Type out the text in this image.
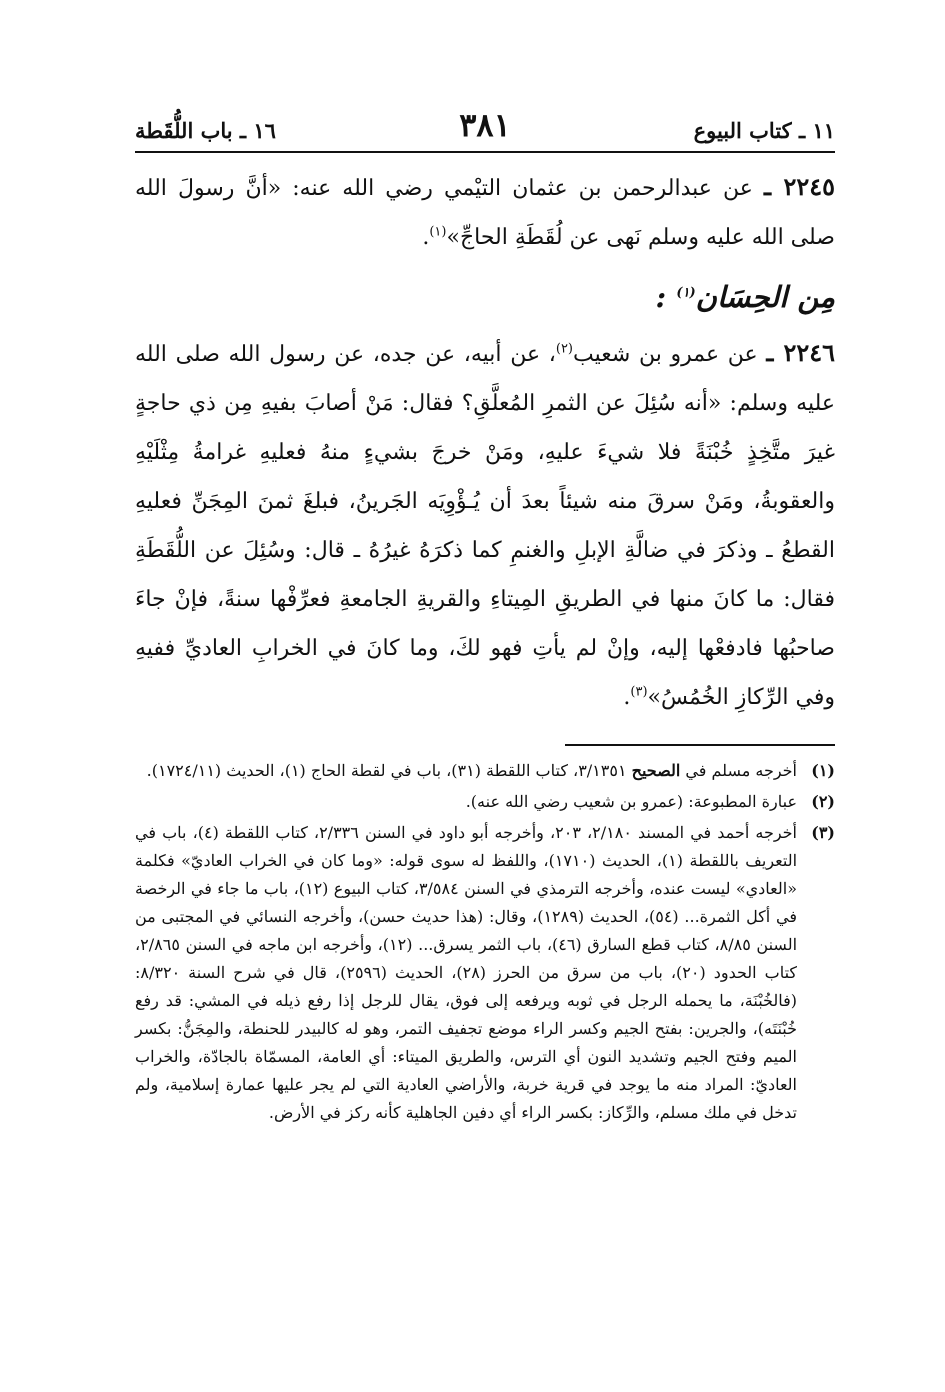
١١ ـ كتاب البيوع
٣٨١
١٦ ـ باب اللُّقَطة

٢٢٤٥ ـ عن عبدالرحمن بن عثمان التيْمي رضي الله عنه: «أنَّ رسولَ الله صلى الله عليه وسلم نَهى عن لُقَطَةِ الحاجِّ»$^{(١)}$.

مِن الحِسَان$^{(١)}$ :

٢٢٤٦ ـ عن عمرو بن شعيب$^{(٢)}$، عن أبيه، عن جده، عن رسول الله صلى الله عليه وسلم: «أنه سُئِلَ عن الثمرِ المُعلَّقِ؟ فقال: مَنْ أصابَ بفيهِ مِن ذي حاجةٍ غيرَ متَّخِذٍ خُبْنَةً فلا شيءَ عليهِ، ومَنْ خرجَ بشيءٍ منهُ فعليهِ غرامةُ مِثْلَيْهِ والعقوبةُ، ومَنْ سرقَ منه شيئاً بعدَ أن يُـؤْوِيَه الجَرينُ، فبلغَ ثمنَ المِجَنِّ فعليهِ القطعُ ـ وذكرَ في ضالَّةِ الإبلِ والغنمِ كما ذكرَهُ غيرُهُ ـ قال: وسُئِلَ عن اللُّقَطَةِ فقال: ما كانَ منها في الطريقِ المِيتاءِ والقريةِ الجامعةِ فعرِّفْها سنةً، فإنْ جاءَ صاحبُها فادفعْها إليه، وإنْ لم يأتِ فهو لكَ، وما كانَ في الخرابِ العاديِّ ففيهِ وفي الرِّكازِ الخُمُسُ»$^{(٣)}$.

(١)
أخرجه مسلم في الصحيح ٣/١٣٥١، كتاب اللقطة (٣١)، باب في لقطة الحاج (١)، الحديث (١٧٢٤/١١).
(٢)
عبارة المطبوعة: (عمرو بن شعيب رضي الله عنه).
(٣)
أخرجه أحمد في المسند ٢/١٨٠، ٢٠٣، وأخرجه أبو داود في السنن ٢/٣٣٦، كتاب اللقطة (٤)، باب في التعريف باللقطة (١)، الحديث (١٧١٠)، واللفظ له سوى قوله: «وما كان في الخراب العاديّ» فكلمة «العادي» ليست عنده، وأخرجه الترمذي في السنن ٣/٥٨٤، كتاب البيوع (١٢)، باب ما جاء في الرخصة في أكل الثمرة... (٥٤)، الحديث (١٢٨٩)، وقال: (هذا حديث حسن)، وأخرجه النسائي في المجتبى من السنن ٨/٨٥، كتاب قطع السارق (٤٦)، باب الثمر يسرق... (١٢)، وأخرجه ابن ماجه في السنن ٢/٨٦٥، كتاب الحدود (٢٠)، باب من سرق من الحرز (٢٨)، الحديث (٢٥٩٦)، قال في شرح السنة ٨/٣٢٠: (فالخُبْنَة، ما يحمله الرجل في ثوبه ويرفعه إلى فوق، يقال للرجل إذا رفع ذيله في المشي: قد رفع خُبْنَتَه)، والجرين: بفتح الجيم وكسر الراء موضع تجفيف التمر، وهو له كالبيدر للحنطة، والمِجَنُّ: بكسر الميم وفتح الجيم وتشديد النون أي الترس، والطريق الميتاء: أي العامة، المسمّاة بالجادّة، والخراب العاديّ: المراد منه ما يوجد في قرية خربة، والأراضي العادية التي لم يجر عليها عمارة إسلامية، ولم تدخل في ملك مسلم، والرِّكاز: بكسر الراء أي دفين الجاهلية كأنه ركز في الأرض.
